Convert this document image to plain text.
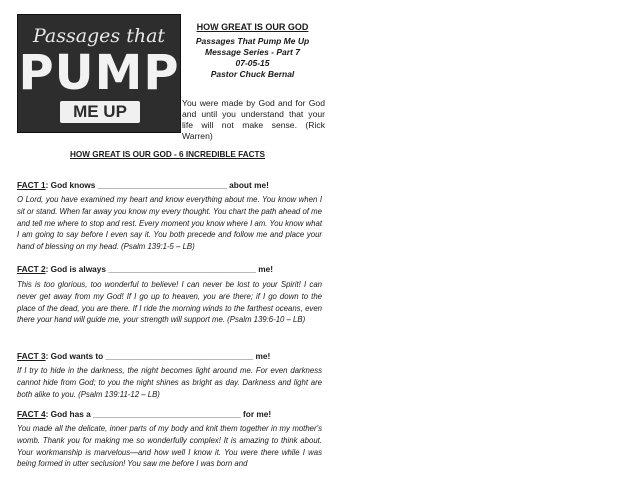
Passages that
PUMP
ME UP
HOW GREAT IS OUR GOD
Passages That Pump Me Up
Message Series - Part 7
07-05-15
Pastor Chuck Bernal
You were made by God and for God and until you understand that your life will not make sense. (Rick Warren)
HOW GREAT IS OUR GOD - 6 INCREDIBLE FACTS
FACT 1: God knows ____________________________ about me!
O Lord, you have examined my heart and know everything about me. You know when I sit or stand. When far away you know my every thought. You chart the path ahead of me and tell me where to stop and rest. Every moment you know where I am. You know what I am going to say before I even say it. You both precede and follow me and place your hand of blessing on my head. (Psalm 139:1-5 – LB)
FACT 2: God is always ________________________________ me!
This is too glorious, too wonderful to believe! I can never be lost to your Spirit! I can never get away from my God! If I go up to heaven, you are there; if I go down to the place of the dead, you are there. If I ride the morning winds to the farthest oceans, even there your hand will guide me, your strength will support me. (Psalm 139:6-10 – LB)
FACT 3: God wants to ________________________________ me!
If I try to hide in the darkness, the night becomes light around me. For even darkness cannot hide from God; to you the night shines as bright as day. Darkness and light are both alike to you. (Psalm 139:11-12 – LB)
FACT 4: God has a ________________________________ for me!
You made all the delicate, inner parts of my body and knit them together in my mother's womb. Thank you for making me so wonderfully complex! It is amazing to think about. Your workmanship is marvelous—and how well I know it. You were there while I was being formed in utter seclusion! You saw me before I was born and
